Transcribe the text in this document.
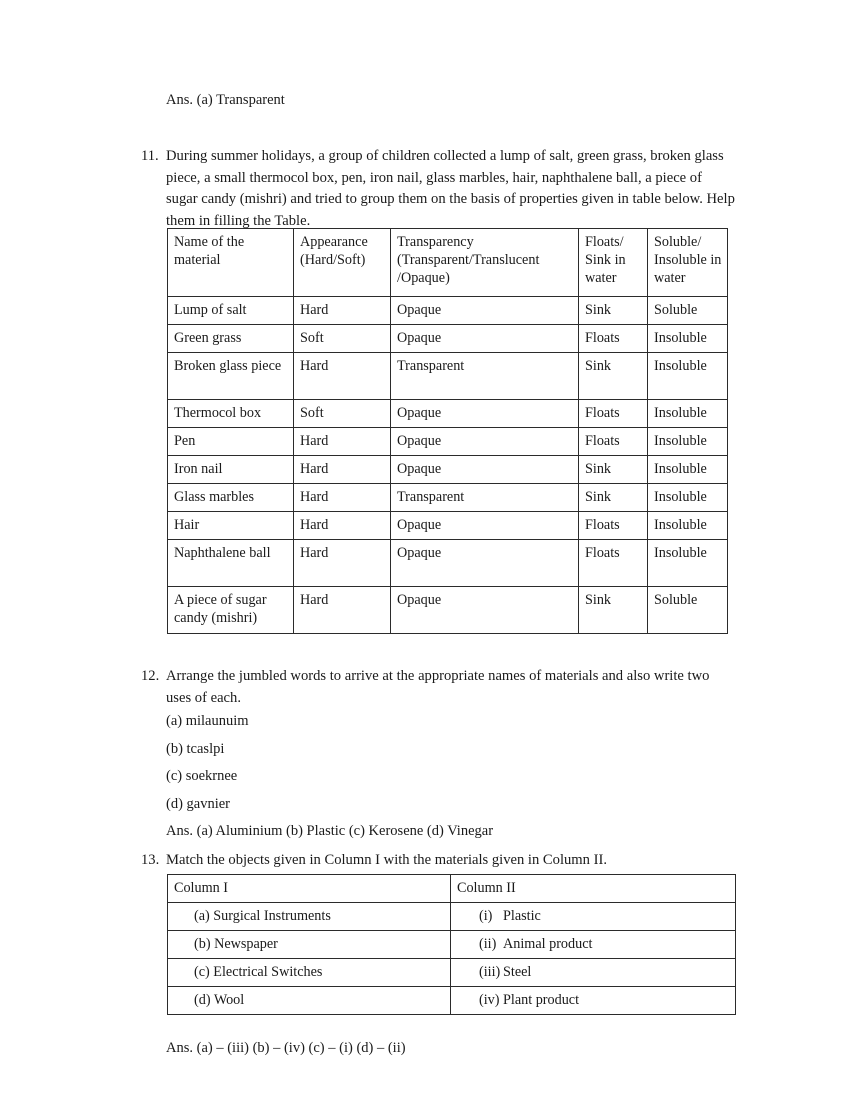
Ans. (a) Transparent
11. During summer holidays, a group of children collected a lump of salt, green grass, broken glass piece, a small thermocol box, pen, iron nail, glass marbles, hair, naphthalene ball, a piece of sugar candy (mishri) and tried to group them on the basis of properties given in table below. Help them in filling the Table.
Name of the material	Appearance (Hard/Soft)	Transparency (Transparent/Translucent /Opaque)	Floats/ Sink in water	Soluble/ Insoluble in water
Lump of salt	Hard	Opaque	Sink	Soluble
Green grass	Soft	Opaque	Floats	Insoluble
Broken glass piece	Hard	Transparent	Sink	Insoluble
Thermocol box	Soft	Opaque	Floats	Insoluble
Pen	Hard	Opaque	Floats	Insoluble
Iron nail	Hard	Opaque	Sink	Insoluble
Glass marbles	Hard	Transparent	Sink	Insoluble
Hair	Hard	Opaque	Floats	Insoluble
Naphthalene ball	Hard	Opaque	Floats	Insoluble
A piece of sugar candy (mishri)	Hard	Opaque	Sink	Soluble
12. Arrange the jumbled words to arrive at the appropriate names of materials and also write two uses of each.
(a) milaunuim
(b) tcaslpi
(c) soekrnee
(d) gavnier
Ans. (a) Aluminium (b) Plastic (c) Kerosene (d) Vinegar
13. Match the objects given in Column I with the materials given in Column II.
Column I	Column II
(a) Surgical Instruments	(i) Plastic
(b) Newspaper	(ii) Animal product
(c) Electrical Switches	(iii) Steel
(d) Wool	(iv) Plant product
Ans. (a) – (iii) (b) – (iv) (c) – (i) (d) – (ii)
